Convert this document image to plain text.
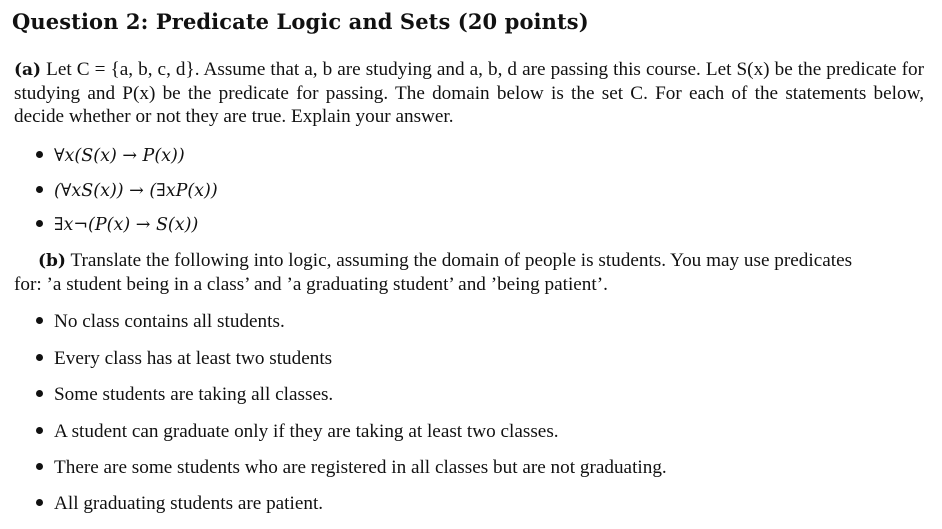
Question 2: Predicate Logic and Sets (20 points)
(a) Let C = {a, b, c, d}. Assume that a, b are studying and a, b, d are passing this course. Let S(x) be the predicate for studying and P(x) be the predicate for passing. The domain below is the set C. For each of the statements below, decide whether or not they are true. Explain your answer.
∀x(S(x) → P(x))
(∀xS(x)) → (∃xP(x))
∃x¬(P(x) → S(x))
(b) Translate the following into logic, assuming the domain of people is students. You may use predicates
for: ’a student being in a class’ and ’a graduating student’ and ’being patient’.
No class contains all students.
Every class has at least two students
Some students are taking all classes.
A student can graduate only if they are taking at least two classes.
There are some students who are registered in all classes but are not graduating.
All graduating students are patient.
